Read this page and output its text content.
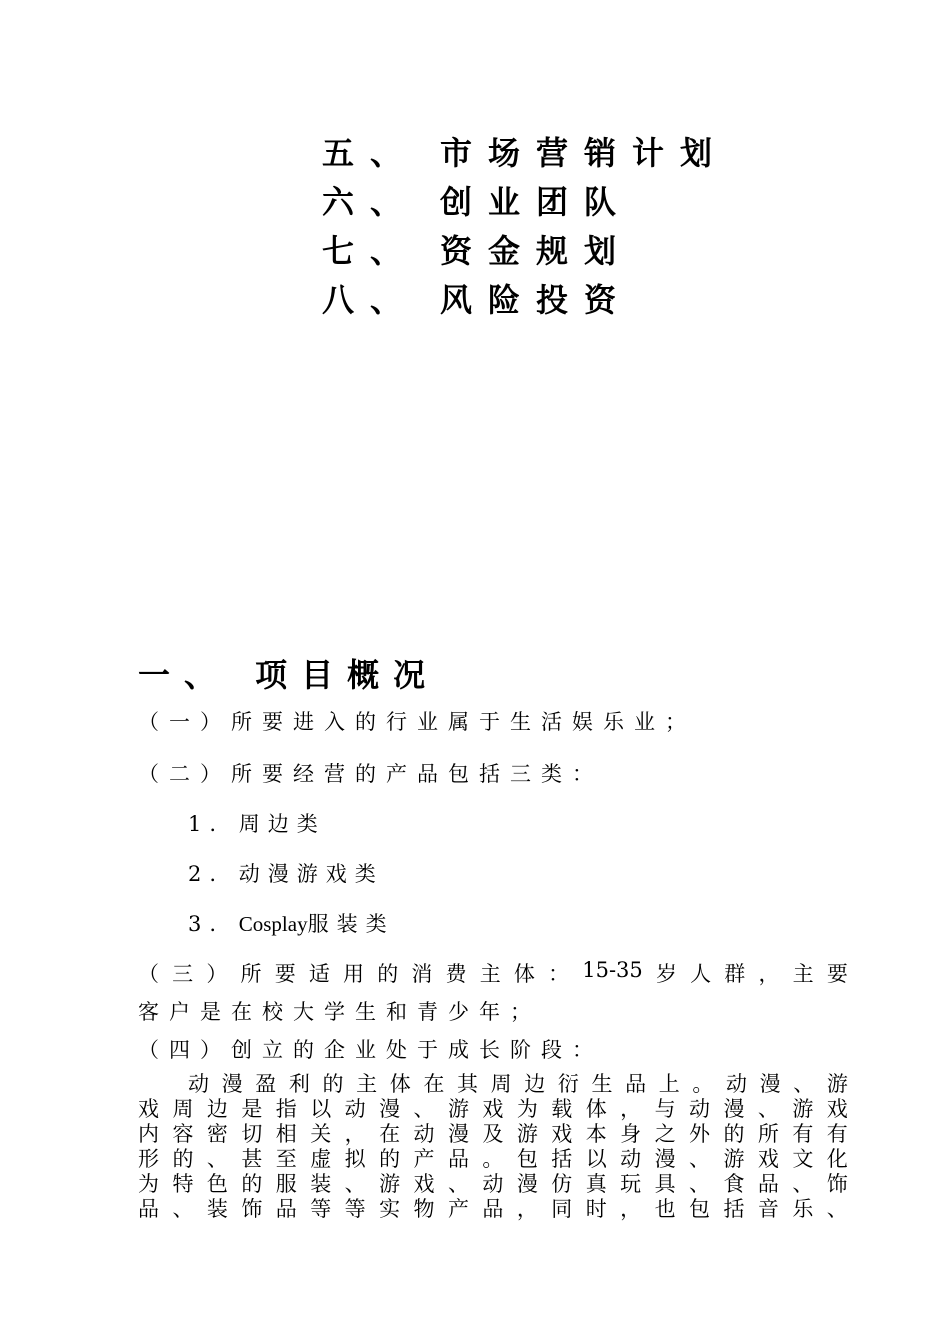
五、 市场营销计划
六、 创业团队
七、 资金规划
八、 风险投资
一、 项目概况
（一）所要进入的行业属于生活娱乐业；
（二）所要经营的产品包括三类：
1. 周边类
2. 动漫游戏类
3. Cosplay服装类
（ 三 ） 所 要 适 用 的 消 费 主 体 ： 15-35 岁 人 群 ， 主 要
客户是在校大学生和青少年；
（四）创立的企业处于成长阶段：
动 漫 盈 利 的 主 体 在 其 周 边 衍 生 品 上 。 动 漫 、 游
戏 周 边 是 指 以 动 漫 、 游 戏 为 载 体 ， 与 动 漫 、 游 戏
内 容 密 切 相 关 ， 在 动 漫 及 游 戏 本 身 之 外 的 所 有 有
形 的 、 甚 至 虚 拟 的 产 品 。 包 括 以 动 漫 、 游 戏 文 化
为 特 色 的 服 装 、 游 戏 、 动 漫 仿 真 玩 具 、 食 品 、 饰
品 、 装 饰 品 等 等 实 物 产 品 ， 同 时 ， 也 包 括 音 乐 、
